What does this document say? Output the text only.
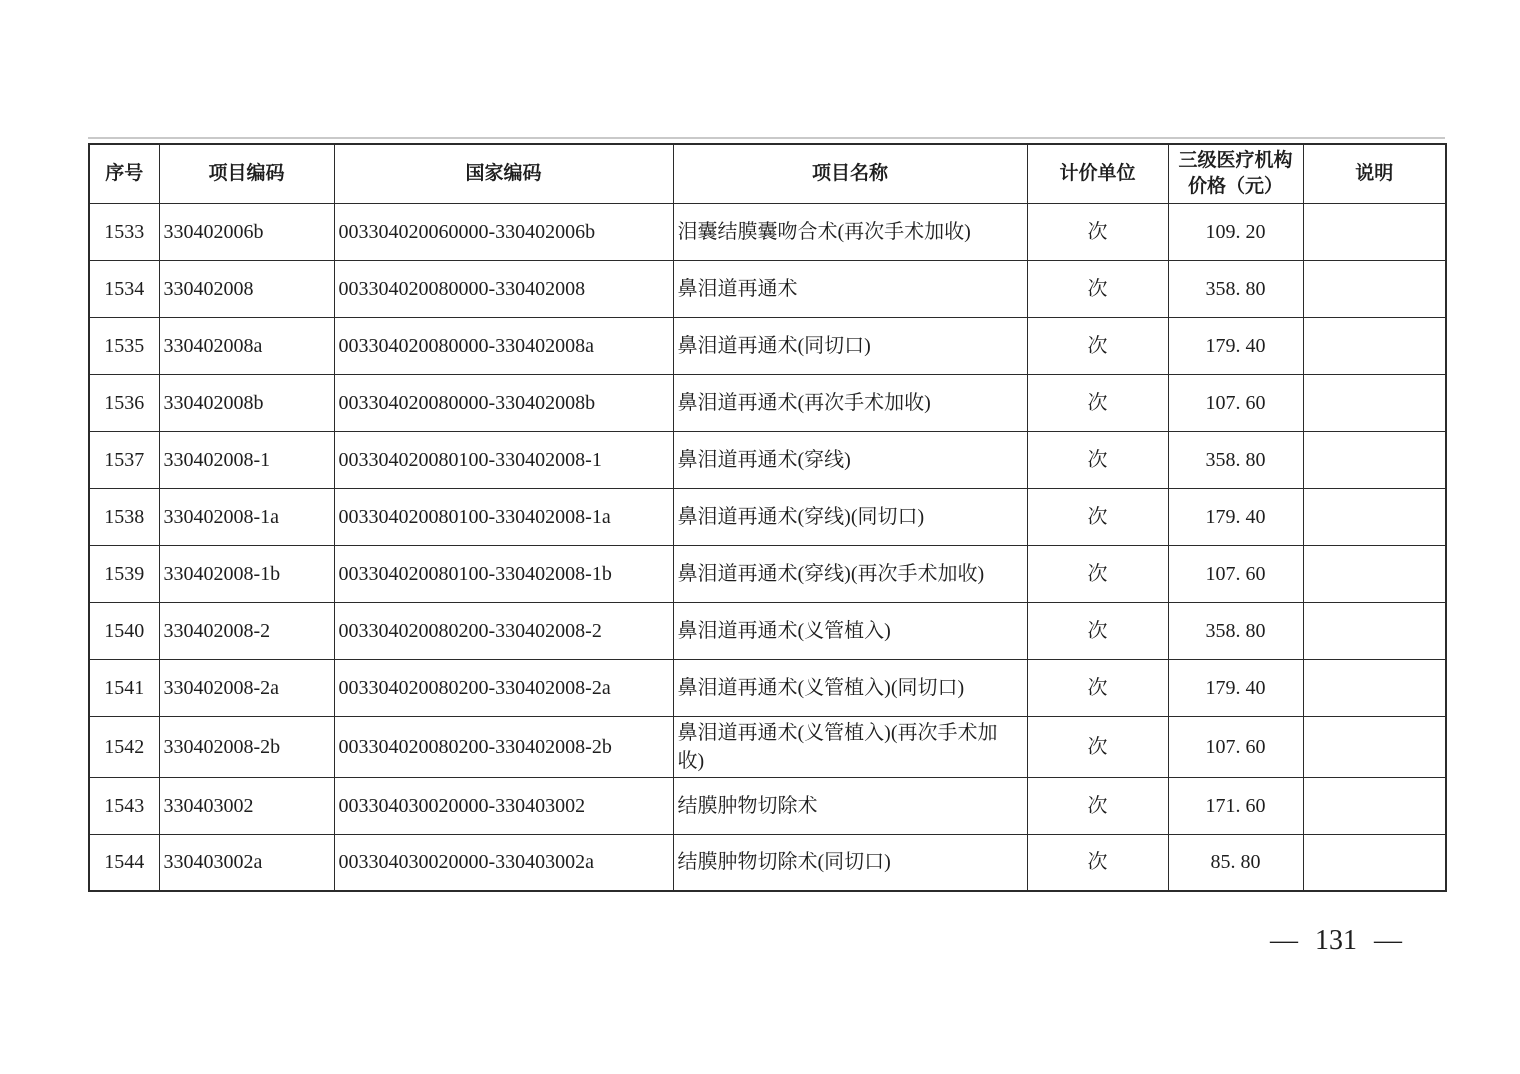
序号	项目编码	国家编码	项目名称	计价单位	三级医疗机构价格（元）	说明
1533	330402006b	003304020060000-330402006b	泪囊结膜囊吻合术(再次手术加收)	次	109. 20	
1534	330402008	003304020080000-330402008	鼻泪道再通术	次	358. 80	
1535	330402008a	003304020080000-330402008a	鼻泪道再通术(同切口)	次	179. 40	
1536	330402008b	003304020080000-330402008b	鼻泪道再通术(再次手术加收)	次	107. 60	
1537	330402008-1	003304020080100-330402008-1	鼻泪道再通术(穿线)	次	358. 80	
1538	330402008-1a	003304020080100-330402008-1a	鼻泪道再通术(穿线)(同切口)	次	179. 40	
1539	330402008-1b	003304020080100-330402008-1b	鼻泪道再通术(穿线)(再次手术加收)	次	107. 60	
1540	330402008-2	003304020080200-330402008-2	鼻泪道再通术(义管植入)	次	358. 80	
1541	330402008-2a	003304020080200-330402008-2a	鼻泪道再通术(义管植入)(同切口)	次	179. 40	
1542	330402008-2b	003304020080200-330402008-2b	鼻泪道再通术(义管植入)(再次手术加收)	次	107. 60	
1543	330403002	003304030020000-330403002	结膜肿物切除术	次	171. 60	
1544	330403002a	003304030020000-330403002a	结膜肿物切除术(同切口)	次	85. 80	
— 131 —
